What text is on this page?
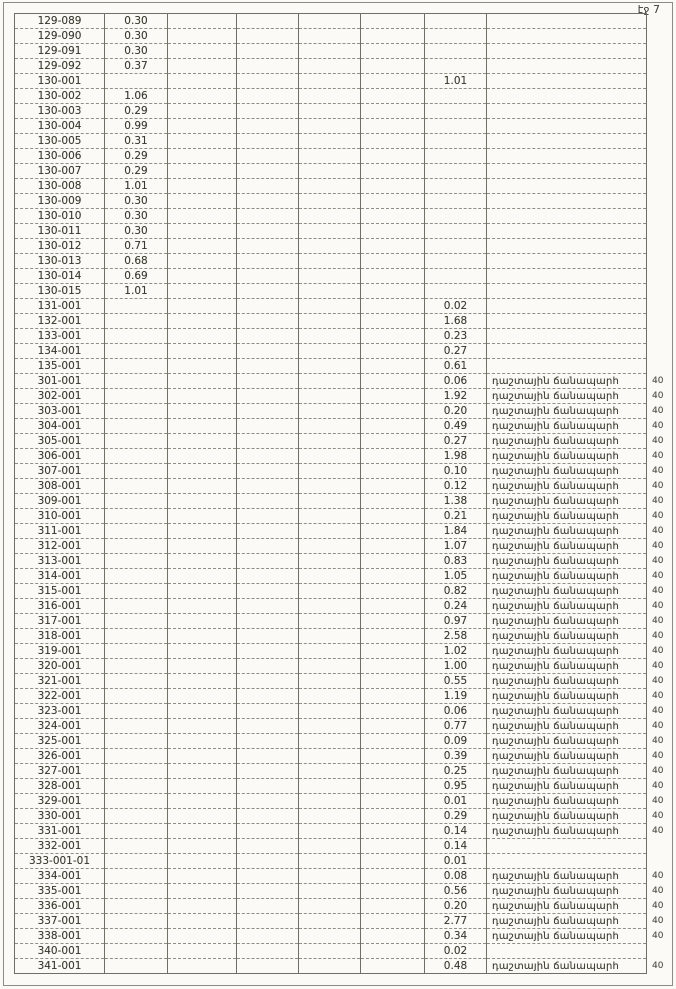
էջ 7
129-089	0.30							
129-090	0.30							
129-091	0.30							
129-092	0.37							
130-001						1.01		
130-002	1.06							
130-003	0.29							
130-004	0.99							
130-005	0.31							
130-006	0.29							
130-007	0.29							
130-008	1.01							
130-009	0.30							
130-010	0.30							
130-011	0.30							
130-012	0.71							
130-013	0.68							
130-014	0.69							
130-015	1.01							
131-001						0.02		
132-001						1.68		
133-001						0.23		
134-001						0.27		
135-001						0.61		
301-001						0.06	դաշտային ճանապարհ	40
302-001						1.92	դաշտային ճանապարհ	40
303-001						0.20	դաշտային ճանապարհ	40
304-001						0.49	դաշտային ճանապարհ	40
305-001						0.27	դաշտային ճանապարհ	40
306-001						1.98	դաշտային ճանապարհ	40
307-001						0.10	դաշտային ճանապարհ	40
308-001						0.12	դաշտային ճանապարհ	40
309-001						1.38	դաշտային ճանապարհ	40
310-001						0.21	դաշտային ճանապարհ	40
311-001						1.84	դաշտային ճանապարհ	40
312-001						1.07	դաշտային ճանապարհ	40
313-001						0.83	դաշտային ճանապարհ	40
314-001						1.05	դաշտային ճանապարհ	40
315-001						0.82	դաշտային ճանապարհ	40
316-001						0.24	դաշտային ճանապարհ	40
317-001						0.97	դաշտային ճանապարհ	40
318-001						2.58	դաշտային ճանապարհ	40
319-001						1.02	դաշտային ճանապարհ	40
320-001						1.00	դաշտային ճանապարհ	40
321-001						0.55	դաշտային ճանապարհ	40
322-001						1.19	դաշտային ճանապարհ	40
323-001						0.06	դաշտային ճանապարհ	40
324-001						0.77	դաշտային ճանապարհ	40
325-001						0.09	դաշտային ճանապարհ	40
326-001						0.39	դաշտային ճանապարհ	40
327-001						0.25	դաշտային ճանապարհ	40
328-001						0.95	դաշտային ճանապարհ	40
329-001						0.01	դաշտային ճանապարհ	40
330-001						0.29	դաշտային ճանապարհ	40
331-001						0.14	դաշտային ճանապարհ	40
332-001						0.14		
333-001-01						0.01		
334-001						0.08	դաշտային ճանապարհ	40
335-001						0.56	դաշտային ճանապարհ	40
336-001						0.20	դաշտային ճանապարհ	40
337-001						2.77	դաշտային ճանապարհ	40
338-001						0.34	դաշտային ճանապարհ	40
340-001						0.02		
341-001						0.48	դաշտային ճանապարհ	40
